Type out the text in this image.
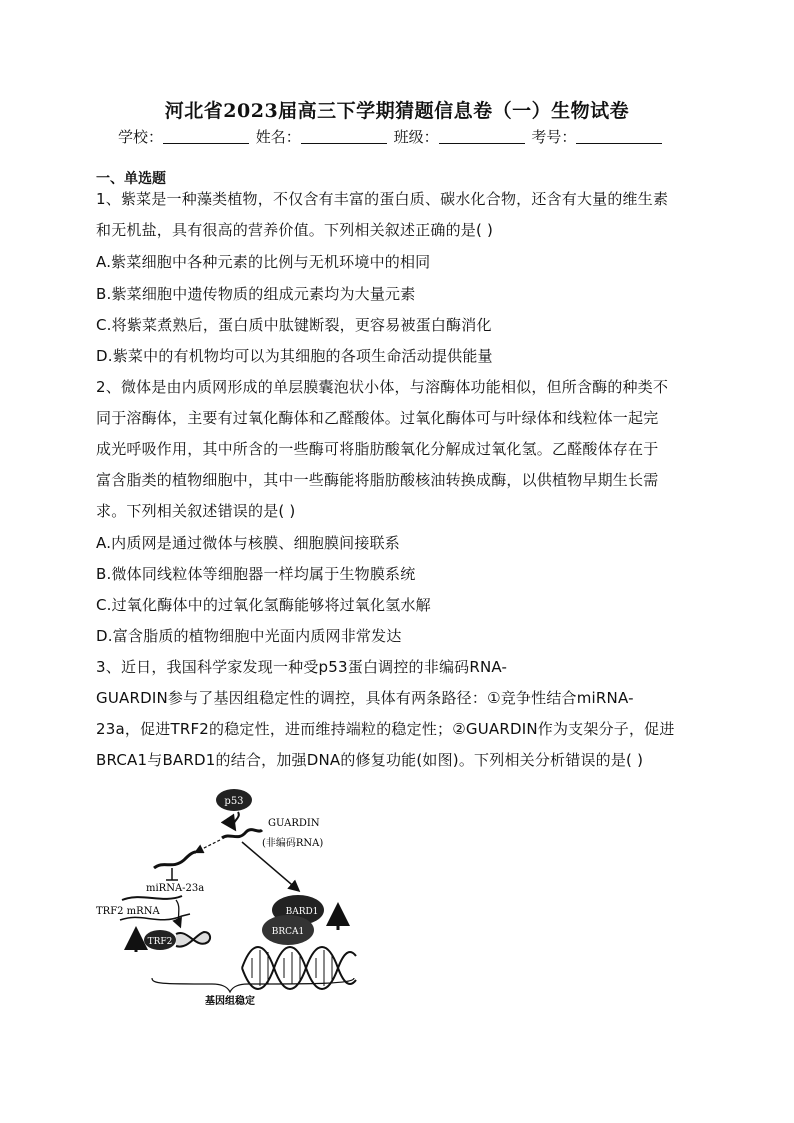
河北省2023届高三下学期猜题信息卷（一）生物试卷
学校：	姓名：	班级：	考号：
一、单选题
1、紫菜是一种藻类植物，不仅含有丰富的蛋白质、碳水化合物，还含有大量的维生素
和无机盐，具有很高的营养价值。下列相关叙述正确的是( )
A.紫菜细胞中各种元素的比例与无机环境中的相同
B.紫菜细胞中遗传物质的组成元素均为大量元素
C.将紫菜煮熟后，蛋白质中肽键断裂，更容易被蛋白酶消化
D.紫菜中的有机物均可以为其细胞的各项生命活动提供能量
2、微体是由内质网形成的单层膜囊泡状小体，与溶酶体功能相似，但所含酶的种类不
同于溶酶体，主要有过氧化酶体和乙醛酸体。过氧化酶体可与叶绿体和线粒体一起完
成光呼吸作用，其中所含的一些酶可将脂肪酸氧化分解成过氧化氢。乙醛酸体存在于
富含脂类的植物细胞中，其中一些酶能将脂肪酸核油转换成酶，以供植物早期生长需
求。下列相关叙述错误的是( )
A.内质网是通过微体与核膜、细胞膜间接联系
B.微体同线粒体等细胞器一样均属于生物膜系统
C.过氧化酶体中的过氧化氢酶能够将过氧化氢水解
D.富含脂质的植物细胞中光面内质网非常发达
3、近日，我国科学家发现一种受p53蛋白调控的非编码RNA-
GUARDIN参与了基因组稳定性的调控，具体有两条路径：①竞争性结合miRNA-
23a，促进TRF2的稳定性，进而维持端粒的稳定性；②GUARDIN作为支架分子，促进
BRCA1与BARD1的结合，加强DNA的修复功能(如图)。下列相关分析错误的是( )
p53
GUARDIN
(非编码RNA)
miRNA-23a
TRF2 mRNA
TRF2
BARD1
BRCA1
基因组稳定
